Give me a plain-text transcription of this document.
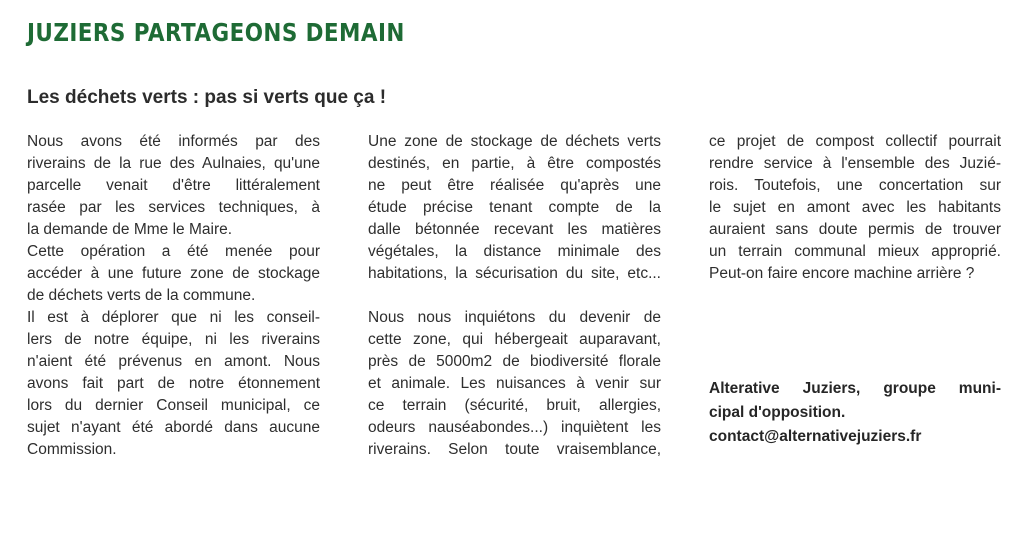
JUZIERS PARTAGEONS DEMAIN
Les déchets verts : pas si verts que ça !
Nous avons été informés par des
riverains de la rue des Aulnaies, qu'une
parcelle venait d'être littéralement
rasée par les services techniques, à
la demande de Mme le Maire.
Cette opération a été menée pour
accéder à une future zone de stockage
de déchets verts de la commune.
Il est à déplorer que ni les conseil-
lers de notre équipe, ni les riverains
n'aient été prévenus en amont. Nous
avons fait part de notre étonnement
lors du dernier Conseil municipal, ce
sujet n'ayant été abordé dans aucune
Commission.
Une zone de stockage de déchets verts
destinés, en partie, à être compostés
ne peut être réalisée qu'après une
étude précise tenant compte de la
dalle bétonnée recevant les matières
végétales, la distance minimale des
habitations, la sécurisation du site, etc...
Nous nous inquiétons du devenir de
cette zone, qui hébergeait auparavant,
près de 5000m2 de biodiversité florale
et animale. Les nuisances à venir sur
ce terrain (sécurité, bruit, allergies,
odeurs nauséabondes...) inquiètent les
riverains. Selon toute vraisemblance,
ce projet de compost collectif pourrait
rendre service à l'ensemble des Juzié-
rois. Toutefois, une concertation sur
le sujet en amont avec les habitants
auraient sans doute permis de trouver
un terrain communal mieux approprié.
Peut-on faire encore machine arrière ?
Alterative Juziers, groupe muni-
cipal d'opposition.
contact@alternativejuziers.fr
